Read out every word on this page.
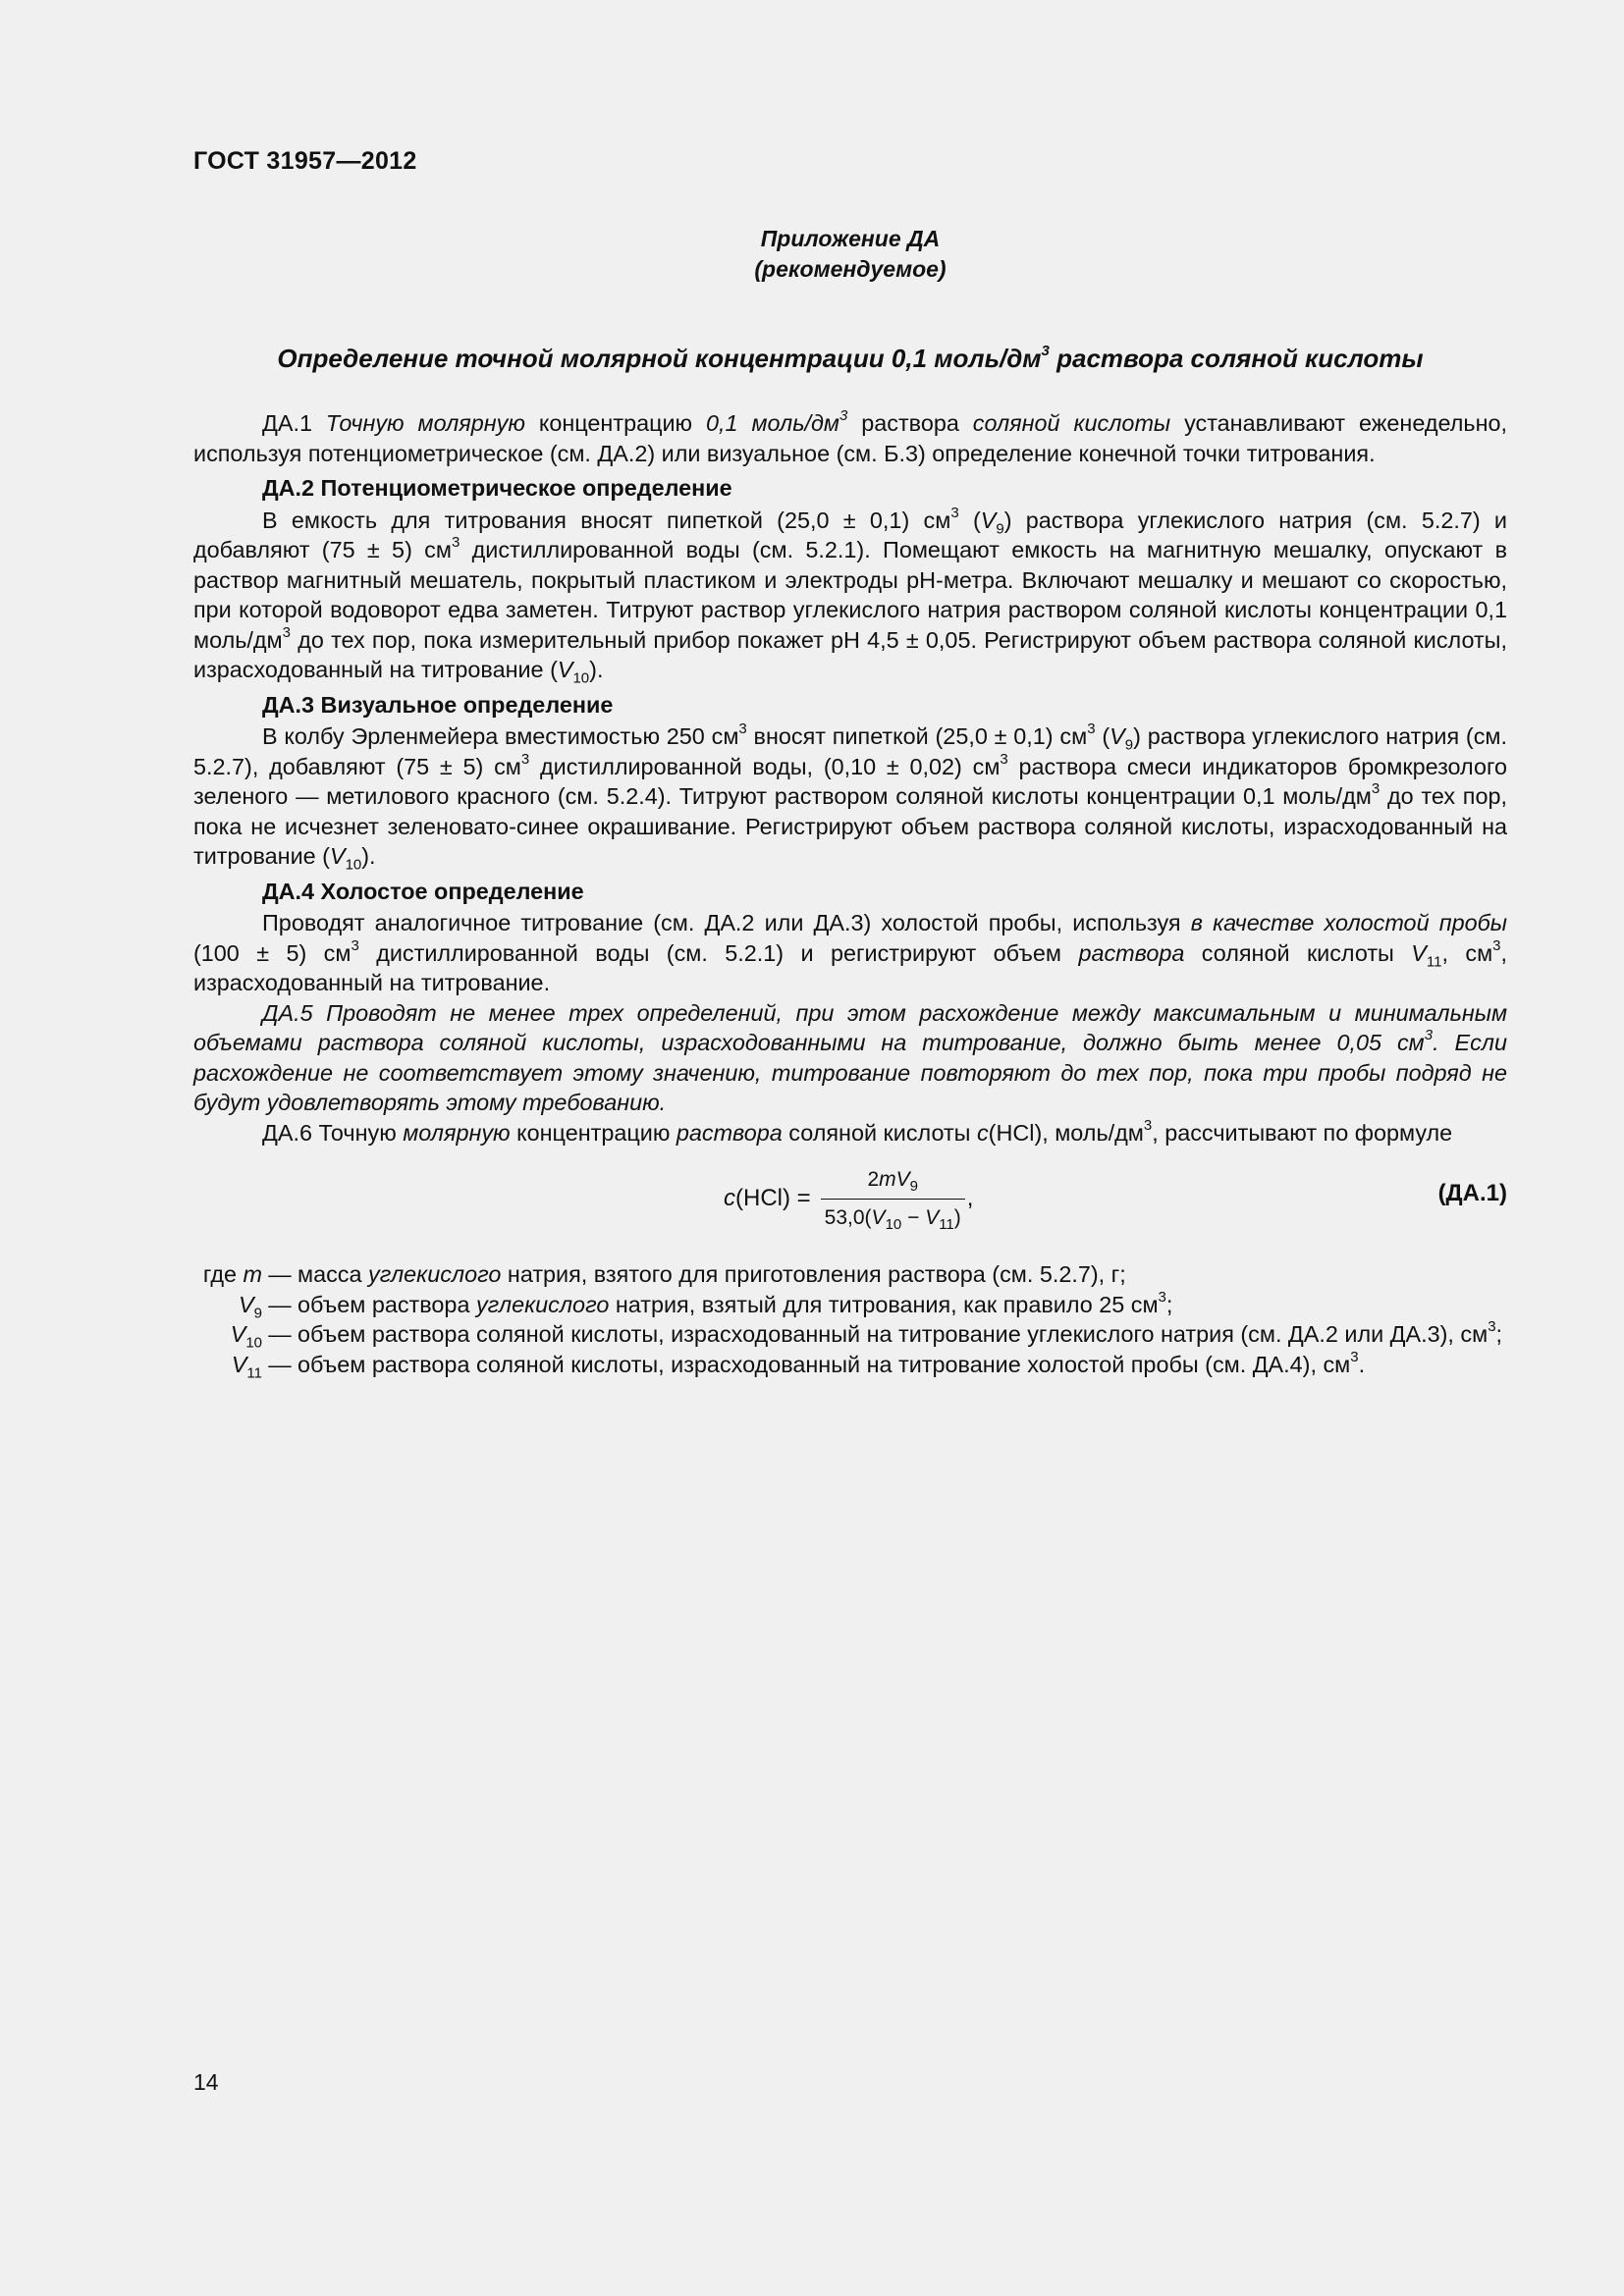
ГОСТ 31957—2012
Приложение ДА
(рекомендуемое)
Определение точной молярной концентрации 0,1 моль/$дм^3$ раствора соляной кислоты

ДА.1 Точную молярную концентрацию 0,1 моль/$дм^3$ раствора соляной кислоты устанавливают еженедельно, используя потенциометрическое (см. ДА.2) или визуальное (см. Б.3) определение конечной точки титрования.

ДА.2 Потенциометрическое определение

В емкость для титрования вносят пипеткой (25,0 ± 0,1) $см^3$ $(V_9)$ раствора углекислого натрия (см. 5.2.7) и добавляют (75 ± 5) $см^3$ дистиллированной воды (см. 5.2.1). Помещают емкость на магнитную мешалку, опускают в раствор магнитный мешатель, покрытый пластиком и электроды pH-метра. Включают мешалку и мешают со скоростью, при которой водоворот едва заметен. Титруют раствор углекислого натрия раствором соляной кислоты концентрации 0,1 моль/$дм^3$ до тех пор, пока измерительный прибор покажет pH 4,5 ± 0,05. Регистрируют объем раствора соляной кислоты, израсходованный на титрование $(V_{10})$.

ДА.3 Визуальное определение

В колбу Эрленмейера вместимостью 250 $см^3$ вносят пипеткой (25,0 ± 0,1) $см^3$ $(V_9)$ раствора углекислого натрия (см. 5.2.7), добавляют (75 ± 5) $см^3$ дистиллированной воды, (0,10 ± 0,02) $см^3$ раствора смеси индикаторов бромкрезолого зеленого — метилового красного (см. 5.2.4). Титруют раствором соляной кислоты концентрации 0,1 моль/$дм^3$ до тех пор, пока не исчезнет зеленовато-синее окрашивание. Регистрируют объем раствора соляной кислоты, израсходованный на титрование $(V_{10})$.

ДА.4 Холостое определение

Проводят аналогичное титрование (см. ДА.2 или ДА.3) холостой пробы, используя в качестве холостой пробы (100 ± 5) $см^3$ дистиллированной воды (см. 5.2.1) и регистрируют объем раствора соляной кислоты $V_{11}$, $см^3$, израсходованный на титрование.

ДА.5 Проводят не менее трех определений, при этом расхождение между максимальным и минимальным объемами раствора соляной кислоты, израсходованными на титрование, должно быть менее 0,05 $см^3$. Если расхождение не соответствует этому значению, титрование повторяют до тех пор, пока три пробы подряд не будут удовлетворять этому требованию.

ДА.6 Точную молярную концентрацию раствора соляной кислоты c(HCl), моль/$дм^3$, рассчитывают по формуле

$c(HCl) = \frac{2mV_9}{53,0(V_{10} - V_{11})}$ ,	(ДА.1)
где m — масса углекислого натрия, взятого для приготовления раствора (см. 5.2.7), г;
$V_9$ — объем раствора углекислого натрия, взятый для титрования, как правило 25 $см^3$;
$V_{10}$ — объем раствора соляной кислоты, израсходованный на титрование углекислого натрия (см. ДА.2 или ДА.3), $см^3$;
$V_{11}$ — объем раствора соляной кислоты, израсходованный на титрование холостой пробы (см. ДА.4), $см^3$.
14
